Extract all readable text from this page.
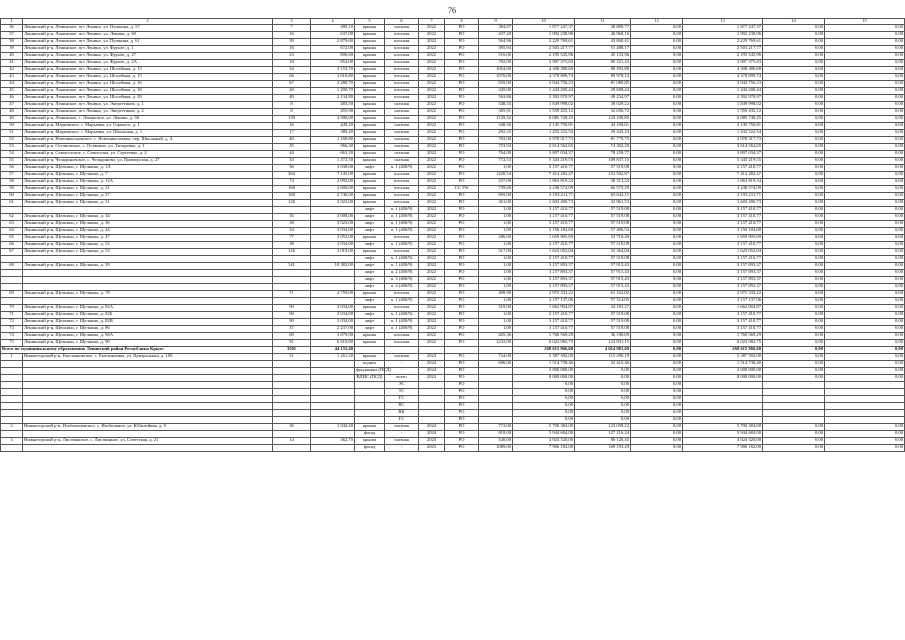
76
1	2	3	4	5	6	7	8	9	10	11	12	13	14	15
36	Ленинский р-н, Ленинское, пгт Ленино, ул. Пушкина, д. 57	7	489,10	крыша	скатная	2022	РО	384,87	1 877 247,37	38 889,77	0,00	1 877 247,37	0,00	0,00
37	Ленинский р-н, Ленинское, пгт Ленино, ул. Ленина, д. 60	16	637,00	крыша	плоская	2022	РО	437,20	1 992 238,96	40 968,16	0,00	1 992 238,96	0,00	0,00
38	Ленинский р-н, Ленинское, пгт Ленино, ул. Пушкина, д. 61	39	2 879,60	крыша	плоская	2022	РО	564,96	2 229 769,61	43 840,41	0,00	2 229 769,61	0,00	0,00
39	Ленинский р-н, Ленинское, пгт Ленино, ул. Фрунзе, д. 1	16	672,00	крыша	плоская	2022	РО	395,94	2 503 217,77	51 488,17	0,00	2 503 217,77	0,00	0,00
40	Ленинский р-н, Ленинское, пгт Ленино, ул. Фрунзе, д. 27	23	806,60	крыша	плоская	2022	РО	516,00	2 195 545,96	45 133,96	0,00	2 195 545,96	0,00	0,00
41	Ленинский р-н, Ленинское, пгт Ленино, ул. Фрунзе, д. 2А	18	854,00	крыша	плоская	2022	РО	782,00	3 907 375,83	80 321,43	0,00	3 907 375,83	0,00	0,00
42	Ленинский р-н, Ленинское, пгт Ленино, ул. Шосейная, д. 13	54	3 153,70	крыша	плоская	2022	РО	1054,00	4 308 380,68	88 593,88	0,00	4 308 380,68	0,00	0,00
43	Ленинский р-н, Ленинское, пгт Ленино, ул. Шосейная, д. 15	66	3 618,80	крыша	плоская	2022	РО	1070,00	4 378 899,74	89 978,14	0,00	4 378 899,74	0,00	0,00
44	Ленинский р-н, Ленинское, пгт Ленино, ул. Шосейная, д. 16	67	3 280,70	крыша	плоская	2022	РО	935,00	3 944 756,23	81 089,85	0,00	3 944 756,23	0,00	0,00
45	Ленинский р-н, Ленинское, пгт Ленино, ул. Шосейная, д. 18	20	1 200,70	крыша	плоская	2022	РО	345,00	1 444 200,44	29 688,44	0,00	1 444 200,44	0,00	0,00
46	Ленинский р-н, Ленинское, пгт Ленино, ул. Шосейная, д. 39	40	2 134,80	крыша	плоская	2022	РО	563,86	2 392 970,97	49 234,97	0,00	2 392 970,97	0,00	0,00
47	Ленинский р-н, Ленинское, пгт Ленино, ул. Энергетиков, д. 1	8	483,50	крыша	скатная	2022	РО	348,33	1 849 998,02	38 029,22	0,00	1 849 998,02	0,00	0,00
48	Ленинский р-н, Ленинское, пгт Ленино, ул. Энергетиков, д. 2	8	455,90	крыша	скатная	2022	РО	305,91	1 559 435,12	32 056,72	0,00	1 559 435,12	0,00	0,00
49	Ленинский р-н, Ленинское, с. Ленинское, ул. Ленина, д. 58	139	4 500,00	крыша	плоская	2022	РО	1129,32	6 085 749,25	125 100,85	0,00	6 085 749,25	0,00	0,00
50	Ленинский р-н, Марьевское, с. Марьевка, ул. Горького, д. 1	16	449,20	крыша	скатная	2022	РО	348,56	2 145 750,81	44 108,61	0,00	2 145 750,81	0,00	0,00
51	Ленинский р-н, Марьевское, с. Марьевка, ул. Школьная, д. 1	17	389,20	крыша	скатная	2022	РО	292,25	1 432 322,54	29 443,24	0,00	1 432 322,54	0,00	0,00
52	Ленинский р-н, Новониколаевское, с. Новониколаевка, пер. Школьный, д. 4	40	1 168,80	крыша	скатная	2022	РО	763,00	3 978 317,73	81 779,75	0,00	3 978 317,73	0,00	0,00
53	Ленинский р-н, Остановское, с. Останино, ул. Титаренко, д. 1	35	966,30	крыша	скатная	2022	РО	753,94	3 614 562,65	74 302,29	0,00	3 614 562,65	0,00	0,00
54	Ленинский р-н, Семисотское, с. Семисотка, ул. Сергеенко, д. 2	44	663,20	крыша	скатная	2022	РО	764,09	3 807 034,37	78 258,77	0,00	3 807 034,37	0,00	0,00
55	Ленинский р-н, Челядиновское, с. Челядиново, ул. Приморская, д. 27	33	1 472,50	крыша	скатная	2022	РО	772,53	5 343 219,55	109 837,15	0,00	5 343 219,55	0,00	0,00
56	Ленинский р-н, Щелкино, г. Щелкино, д. 1А	36	3 038,00	лифт	п. 1 (400/9)	2022	РО	1,00	3 157 410,77	57 519,08	0,00	3 157 410,77	0,00	0,00
57	Ленинский р-н, Щелкино, г. Щелкино, д. 7	364	7 145,00	крыша	плоская	2022	РО	1420,54	7 414 282,47	152 502,87	0,00	7 414 282,47	0,00	0,00
58	Ленинский р-н, Щелкино, г. Щелкино, д. 12А	74	2 092,00	крыша	плоская	2022	РО	337,00	1 863 819,34	38 313,34	0,00	1 863 819,34	0,00	0,00
59	Ленинский р-н, Щелкино, г. Щелкино, д. 21	168	3 606,00	крыша	плоская	2022	СС УК	739,60	3 238 574,09	66 573,29	0,00	3 238 574,09	0,00	0,00
60	Ленинский р-н, Щелкино, г. Щелкино, д. 27	168	2 746,00	крыша	плоская	2022	РО	695,00	3 193 211,71	65 642,11	0,00	3 193 211,71	0,00	0,00
61	Ленинский р-н, Щелкино, г. Щелкино, д. 31	126	3 023,00	крыша	плоская	2022	РО	301,00	1 603 490,73	32 961,53	0,00	1 603 490,73	0,00	0,00
				лифт	п. 1 (400/9)	2022	РО	1,00	3 157 410,77	57 519,08	0,00	3 157 410,77	0,00	0,00
62	Ленинский р-н, Щелкино, г. Щелкино, д. 34	35	3 008,00	лифт	п. 1 (400/9)	2022	РО	1,00	3 157 410,77	57 519,08	0,00	3 157 410,77	0,00	0,00
63	Ленинский р-н, Щелкино, г. Щелкино, д. 36	38	3 023,00	лифт	п. 1 (400/9)	2022	РО	1,00	3 157 410,77	57 519,08	0,00	3 157 410,77	0,00	0,00
64	Ленинский р-н, Щелкино, г. Щелкино, д. 44	34	3 034,00	лифт	п. 1 (400/9)	2022	РО	1,00	3 156 184,68	57 496,54	0,00	3 156 184,68	0,00	0,00
65	Ленинский р-н, Щелкино, г. Щелкино, д. 47	77	3 052,00	крыша	плоская	2022	РО	286,00	1 659 905,69	33 710,49	0,00	1 659 905,69	0,00	0,00
66	Ленинский р-н, Щелкино, г. Щелкино, д. 52	38	3 034,00	лифт	п. 1 (400/9)	2022	РО	1,00	3 157 410,77	57 519,08	0,00	3 157 410,77	0,00	0,00
67	Ленинский р-н, Щелкино, г. Щелкино, д. 53	126	3 019,00	крыша	плоская	2022	РО	317,00	1 623 052,04	33 364,04	0,00	1 623 052,04	0,00	0,00
				лифт	п. 1 (400/9)	2022	РО	1,00	3 157 410,77	57 519,08	0,00	3 157 410,77	0,00	0,00
68	Ленинский р-н, Щелкино, г. Щелкино, д. 39	141	10 382,00	лифт	п. 1 (400/9)	2022	РО	1,00	3 157 893,37	57 915,43	0,00	3 157 893,37	0,00	0,00
				лифт	п. 2 (400/9)	2022	РО	1,00	3 157 893,37	57 915,43	0,00	3 157 893,37	0,00	0,00
				лифт	п. 3 (400/9)	2022	РО	1,00	3 157 893,37	57 915,43	0,00	3 157 893,37	0,00	0,00
				лифт	п. 4 (400/9)	2022	РО	1,00	3 157 893,37	57 915,43	0,00	3 157 893,37	0,00	0,00
69	Ленинский р-н, Щелкино, г. Щелкино, д. 78	71	4 759,00	крыша	плоская	2022	РО	498,90	2 975 333,22	61 162,02	0,00	2 975 333,22	0,00	0,00
				лифт	п. 1 (400/9)	2022	РО	1,00	3 157 137,06	57 514,05	0,00	3 157 137,06	0,00	0,00
70	Ленинский р-н, Щелкино, г. Щелкино, д. 82А	90	3 034,00	крыша	плоская	2022	РО	319,00	1 662 904,87	34 183,27	0,00	1 662 904,87	0,00	0,00
71	Ленинский р-н, Щелкино, г. Щелкино, д. 82Б	90	3 034,00	лифт	п. 1 (400/9)	2022	РО	1,00	3 157 410,77	57 519,08	0,00	3 157 410,77	0,00	0,00
72	Ленинский р-н, Щелкино, г. Щелкино, д. 82В	90	3 034,00	лифт	п. 1 (400/9)	2022	РО	1,00	3 157 410,77	57 519,08	0,00	3 157 410,77	0,00	0,00
73	Ленинский р-н, Щелкино, г. Щелкино, д. 86	37	2 237,00	лифт	п. 1 (400/9)	2022	РО	1,00	3 157 410,77	57 519,08	0,00	3 157 410,77	0,00	0,00
74	Ленинский р-н, Щелкино, г. Щелкино, д. 94А	69	3 679,00	крыша	плоская	2022	РО	405,36	1 760 569,29	36 190,09	0,00	1 760 569,29	0,00	0,00
75	Ленинский р-н, Щелкино, г. Щелкино, д. 99	91	6 910,00	крыша	плоская	2022	РО	1232,00	6 023 982,75	123 831,15	0,00	6 023 982,75	0,00	0,00
Всего по муниципальному образованию Ленинский район Республики Крым:		3501	44 155,40						268 615 966,60	4 014 981,69	0,00	268 615 966,60	0,00	0,00
1	Нижнегорский р-н, Емельяновское, с. Емельяновка, ул. Центральная, д. 109	51	1 261,20	крыша	скатная	2023	РО	724,00	5 387 392,00	115 290,19	0,00	5 387 392,00	0,00	0,00
				подвал	-	2024	РО	606,00	1 514 738,40	32 415,40	0,00	1 514 738,40	0,00	0,00
				фундамент (ПСД)	-	2024	РО		3 000 000,00	0,00	0,00	3 000 000,00	0,00	0,00
				ВДИС (ПСД)	всего	2023	РО		8 000 000,00	0,00	0,00	8 000 000,00	0,00	0,00
					ЭС		РО		0,00	0,00	0,00			
					ТС		РО		0,00	0,00	0,00			
					ГС		РО		0,00	0,00	0,00			
					ВС		РО		0,00	0,00	0,00			
					ВК		РО		0,00	0,00	0,00			
					ГС		РО		0,00	0,00	0,00			
2	Нижнегорский р-н, Изобильненское, с. Изобильное, ул. Юбилейная, д. 9	36	1 044,40	крыша	скатная	2024	РО	773,00	5 790 384,00	123 058,22	0,00	5 790 384,00	0,00	0,00
				фасад	-	2024	РО	818,00	5 944 684,00	127 216,24	0,00	5 944 684,00	0,00	0,00
3	Нижнегорский р-н, Листвинское, с. Листвинное, ул. Советская, д. 21	14	362,70	крыша	скатная	2023	РО	540,00	4 024 320,00	86 120,45	0,00	4 024 320,00	0,00	0,00
				фасад	-	2023	РО	1089,00	7 906 182,00	169 193,29	0,00	7 906 182,00	0,00	0,00
